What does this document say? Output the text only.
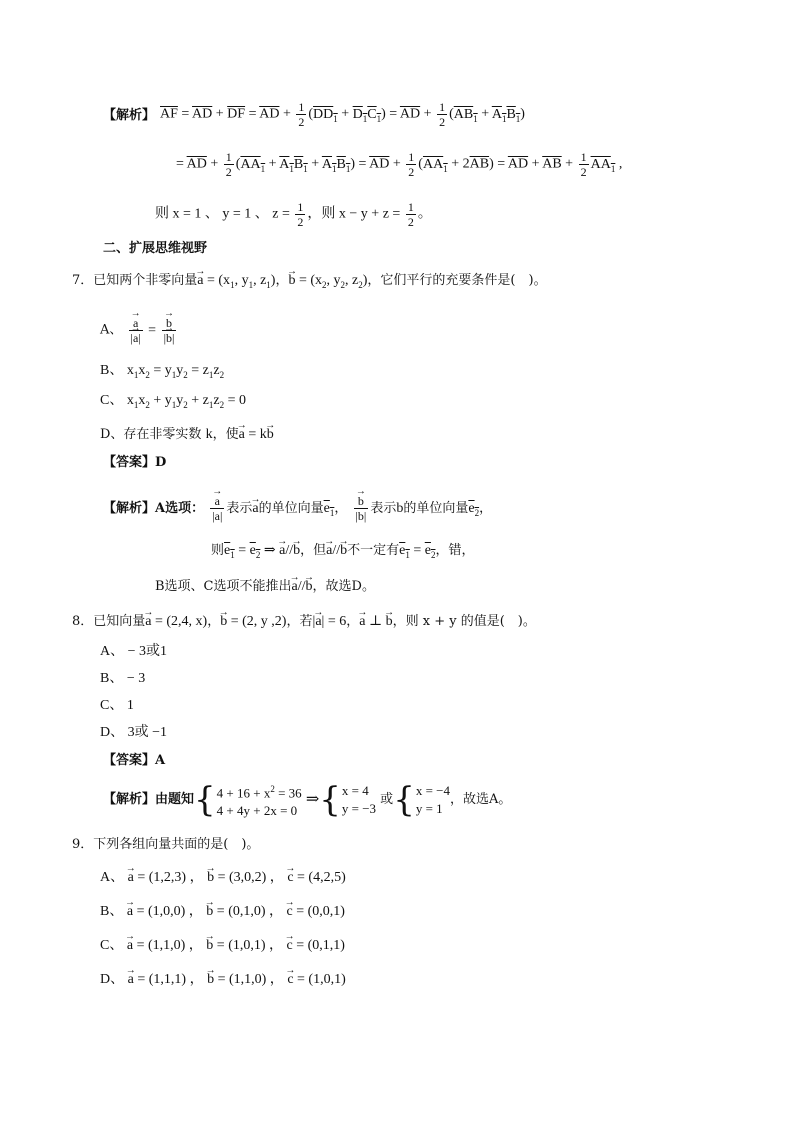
【解析】 $\overline{AF} = \overline{AD} + \overline{DF} = \overline{AD} + \frac{1}{2} (DD_1 + D_1C_1) = \overline{AD} + \frac{1}{2} (AB_1 + A_1B_1)$
= $\overline{AD} + \frac{1}{2} (AA_1 + A_1B_1 + A_1B_1) = \overline{AD} + \frac{1}{2} (AA_1 + 2\overline{AB}) = \overline{AD} + \overline{AB} + \frac{1}{2} AA_1$ ,
则 x = 1 、 y = 1 、 $z = \frac{1}{2}$ ，则 $x - y + z = \frac{1}{2}$ 。
二、扩展思维视野
7．已知两个非零向量→ $a = (x_1$, $y_1$, $z_1$)，→ $b = (x_2$, $y_2$, $z_2$)，它们平行的充要条件是(　)。
A、 → $\frac{a}{|\to a|}$ = → $\frac{b}{|\to b|}$
B、 $x_1x_2 = y_1y_2 = z_1z_2$
C、 $x_1x_2 + y_1y_2 + z_1z_2 = 0$
D、存在非零实数 k，使→ a = k→ b
【答案】D
【解析】A选项： → $\frac{a}{|a|}$ 表示→ a的单位向量$e_1$， → $\frac{b}{|b|}$ 表示b的单位向量$e_2$，
则$e_1 = e_2$ ⇒ → a//→ b，但→ a//→ b不一定有$e_1 = e_2$，错，
B选项、C选项不能推出→ a//→ b，故选D。
8．已知向量→ a = (2,4, x)，→ b = (2, y ,2)，若|→ a| = 6，→ a ⊥ → b，则 x + y 的值是(　)。
A、 − 3或1
B、 − 3
C、 1
D、 3或 −1
【答案】A
【解析】由题知{ $4 + 16 + x^2 = 36$
4 + 4y + 2x = 0
⇒{ x = 4
y = −3
或{ x = −4
y = 1
，故选A。
9．下列各组向量共面的是(　)。
A、 → a = (1,2,3) ， → b = (3,0,2) ， → c = (4,2,5)
B、 → a = (1,0,0) ， → b = (0,1,0) ， → c = (0,0,1)
C、 → a = (1,1,0) ， → b = (1,0,1) ， → c = (0,1,1)
D、 → a = (1,1,1) ， → b = (1,1,0) ， → c = (1,0,1)
